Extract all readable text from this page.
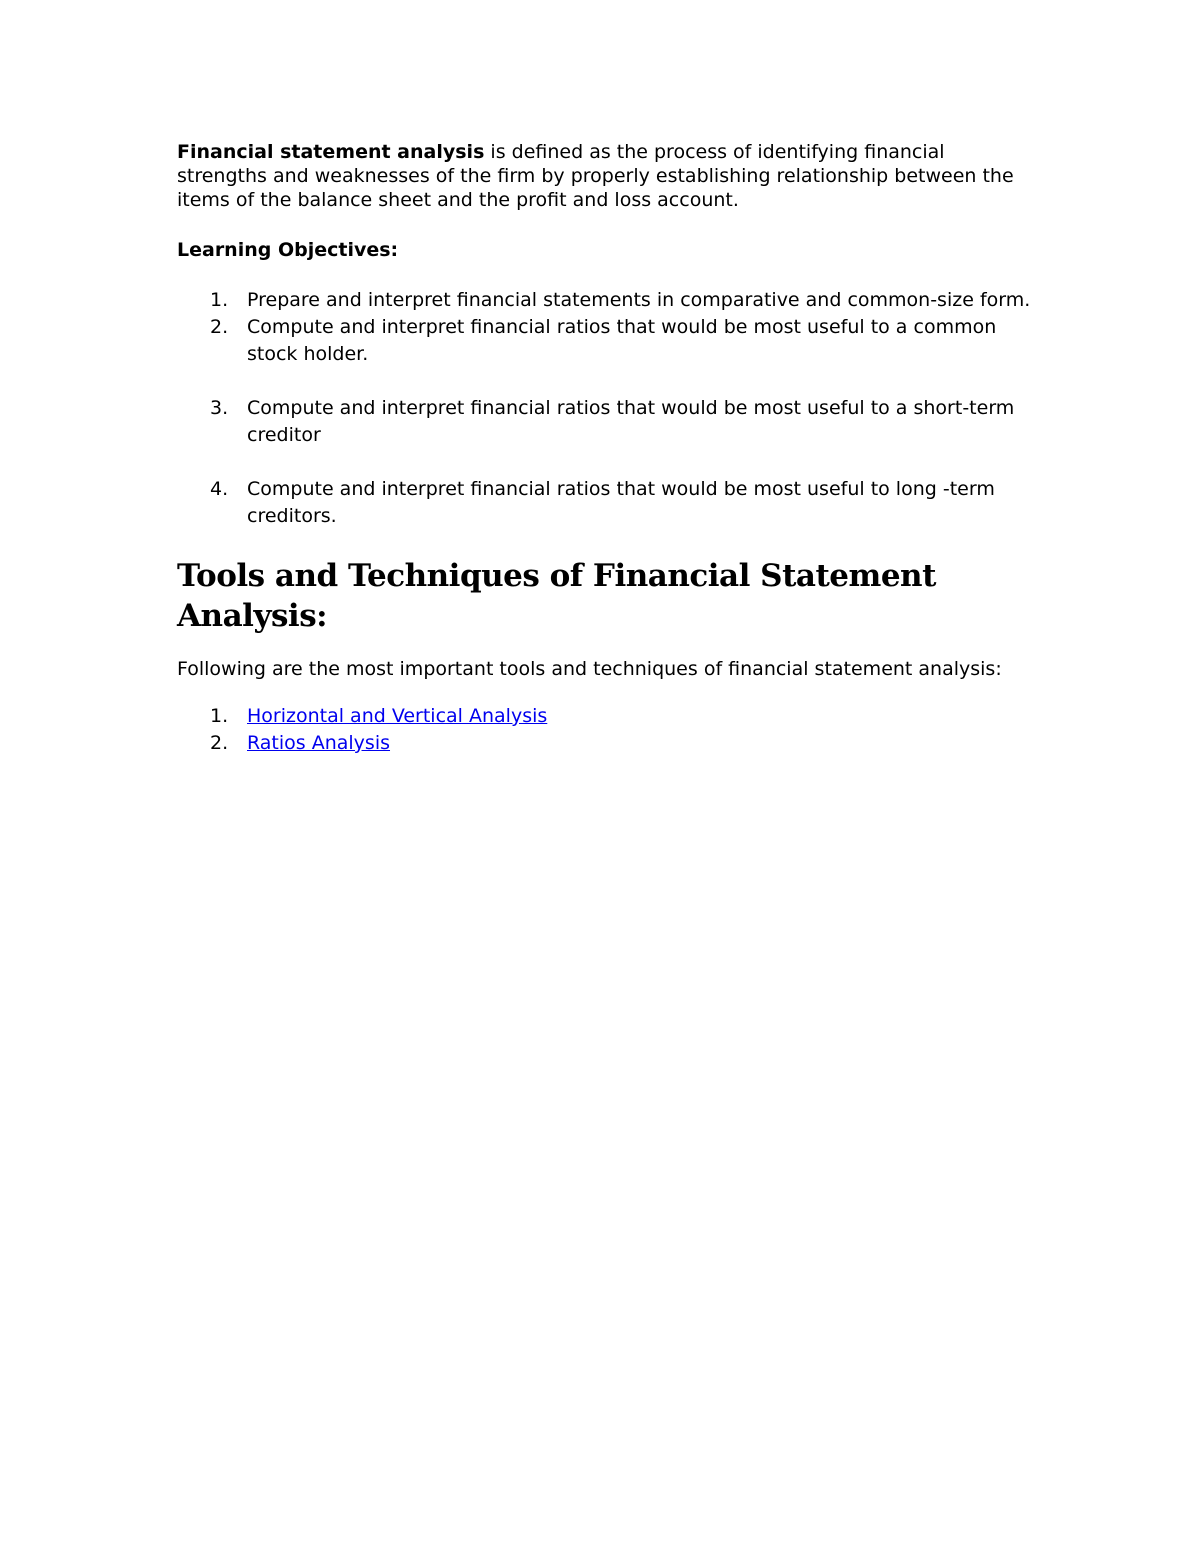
Financial statement analysis is defined as the process of identifying financial strengths and weaknesses of the firm by properly establishing relationship between the items of the balance sheet and the profit and loss account.

Learning Objectives:

1. Prepare and interpret financial statements in comparative and common-size form.
2. Compute and interpret financial ratios that would be most useful to a common stock holder.
3. Compute and interpret financial ratios that would be most useful to a short-term creditor
4. Compute and interpret financial ratios that would be most useful to long -term creditors.
Tools and Techniques of Financial Statement Analysis:

Following are the most important tools and techniques of financial statement analysis:

1. Horizontal and Vertical Analysis
2. Ratios Analysis
